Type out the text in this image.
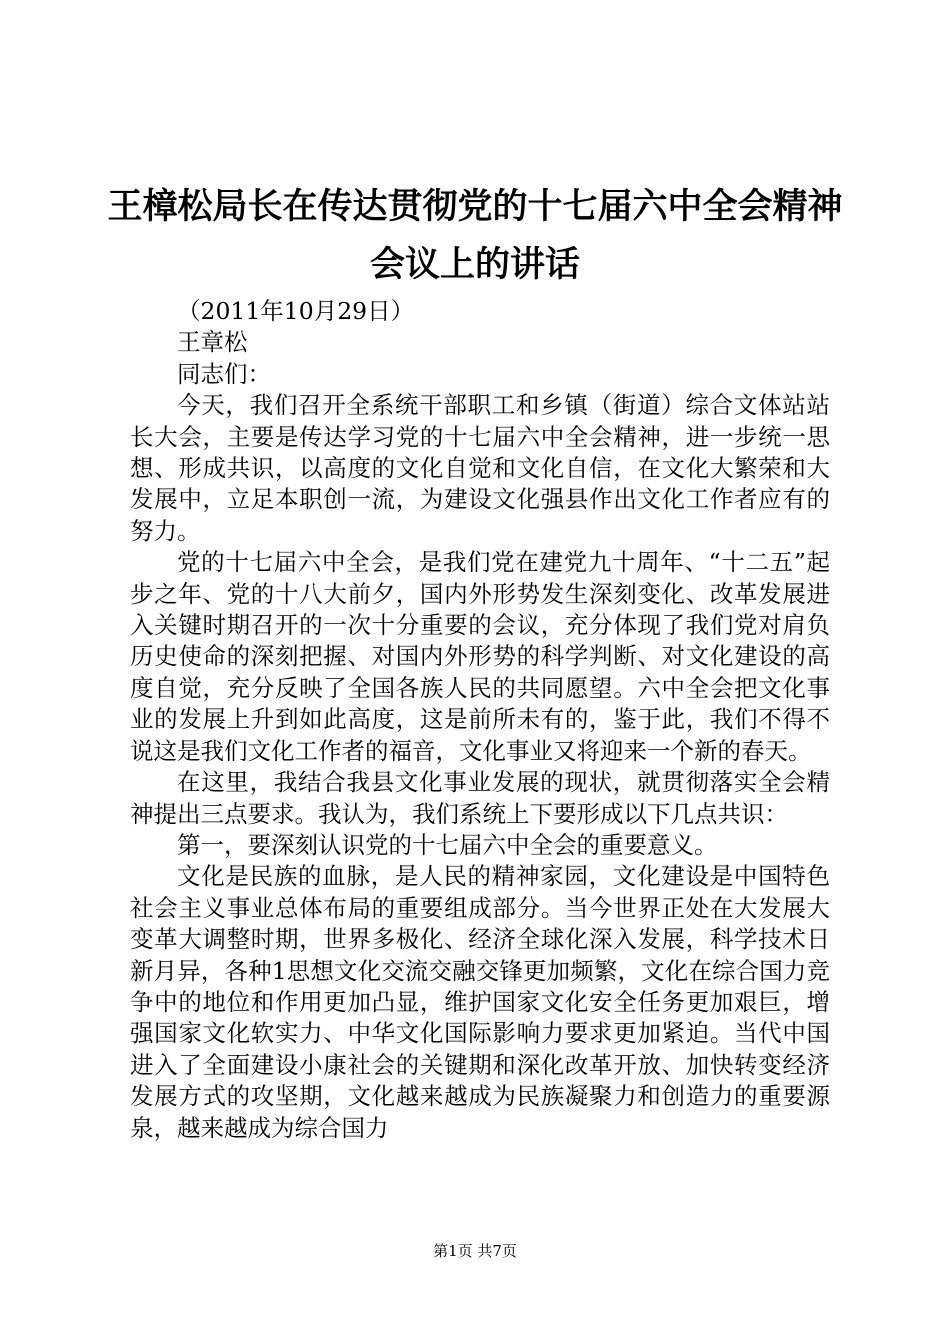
王樟松局长在传达贯彻党的十七届六中全会精神会议上的讲话

（2011年10月29日）

王章松

同志们：

今天，我们召开全系统干部职工和乡镇（街道）综合文体站站长大会，主要是传达学习党的十七届六中全会精神，进一步统一思想、形成共识，以高度的文化自觉和文化自信，在文化大繁荣和大发展中，立足本职创一流，为建设文化强县作出文化工作者应有的努力。

党的十七届六中全会，是我们党在建党九十周年、“十二五”起步之年、党的十八大前夕，国内外形势发生深刻变化、改革发展进入关键时期召开的一次十分重要的会议，充分体现了我们党对肩负历史使命的深刻把握、对国内外形势的科学判断、对文化建设的高度自觉，充分反映了全国各族人民的共同愿望。六中全会把文化事业的发展上升到如此高度，这是前所未有的，鉴于此，我们不得不说这是我们文化工作者的福音，文化事业又将迎来一个新的春天。

在这里，我结合我县文化事业发展的现状，就贯彻落实全会精神提出三点要求。我认为，我们系统上下要形成以下几点共识：

第一，要深刻认识党的十七届六中全会的重要意义。

文化是民族的血脉，是人民的精神家园，文化建设是中国特色社会主义事业总体布局的重要组成部分。当今世界正处在大发展大变革大调整时期，世界多极化、经济全球化深入发展，科学技术日新月异，各种1思想文化交流交融交锋更加频繁，文化在综合国力竞争中的地位和作用更加凸显，维护国家文化安全任务更加艰巨，增强国家文化软实力、中华文化国际影响力要求更加紧迫。当代中国进入了全面建设小康社会的关键期和深化改革开放、加快转变经济发展方式的攻坚期，文化越来越成为民族凝聚力和创造力的重要源泉，越来越成为综合国力

第1页 共7页
